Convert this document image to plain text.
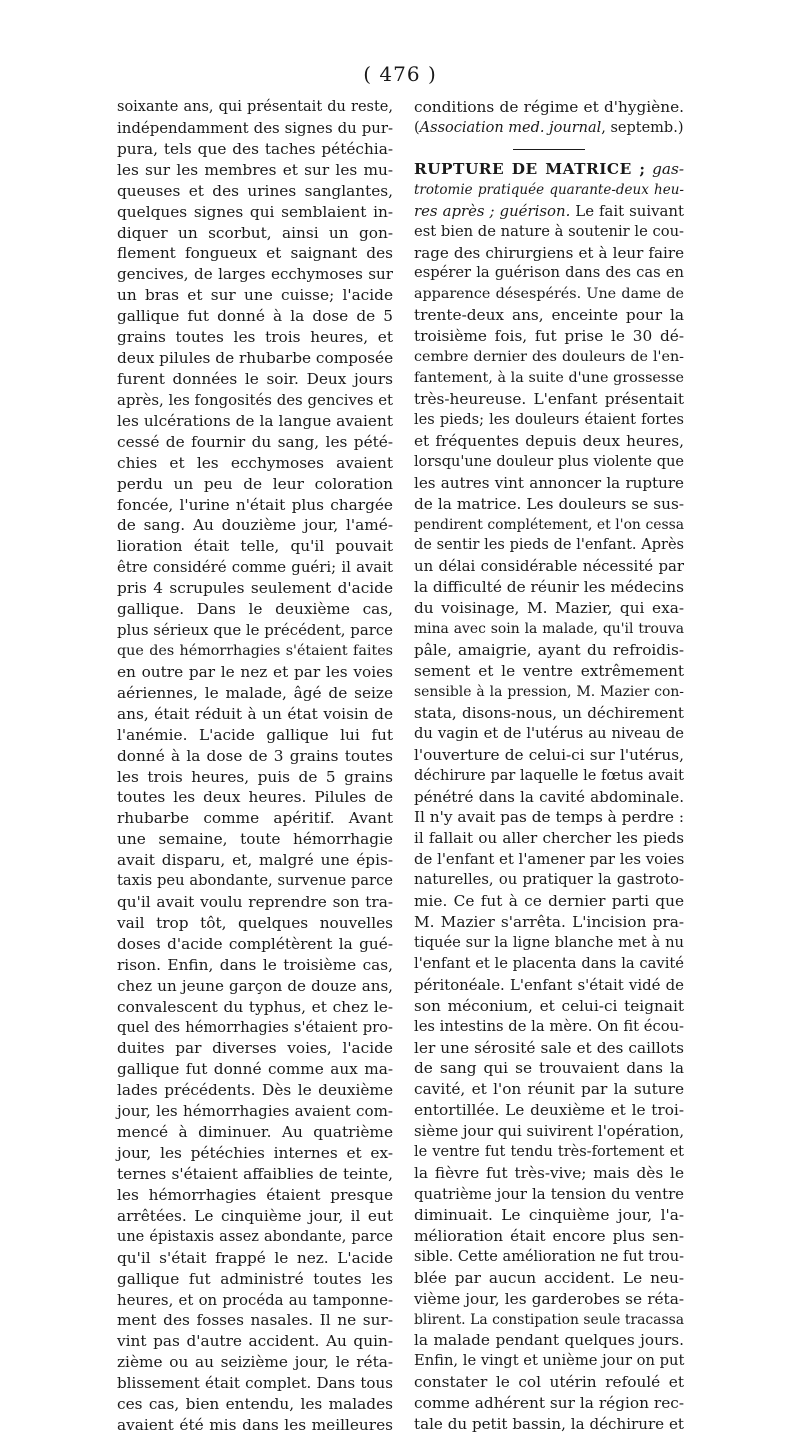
( 476 )
soixante ans, qui présentait du reste,
indépendamment des signes du pur-
pura, tels que des taches pétéchia-
les sur les membres et sur les mu-
queuses et des urines sanglantes,
quelques signes qui semblaient in-
diquer un scorbut, ainsi un gon-
flement fongueux et saignant des
gencives, de larges ecchymoses sur
un bras et sur une cuisse; l'acide
gallique fut donné à la dose de 5
grains toutes les trois heures, et
deux pilules de rhubarbe composée
furent données le soir. Deux jours
après, les fongosités des gencives et
les ulcérations de la langue avaient
cessé de fournir du sang, les pété-
chies et les ecchymoses avaient
perdu un peu de leur coloration
foncée, l'urine n'était plus chargée
de sang. Au douzième jour, l'amé-
lioration était telle, qu'il pouvait
être considéré comme guéri; il avait
pris 4 scrupules seulement d'acide
gallique. Dans le deuxième cas,
plus sérieux que le précédent, parce
que des hémorrhagies s'étaient faites
en outre par le nez et par les voies
aériennes, le malade, âgé de seize
ans, était réduit à un état voisin de
l'anémie. L'acide gallique lui fut
donné à la dose de 3 grains toutes
les trois heures, puis de 5 grains
toutes les deux heures. Pilules de
rhubarbe comme apéritif. Avant
une semaine, toute hémorrhagie
avait disparu, et, malgré une épis-
taxis peu abondante, survenue parce
qu'il avait voulu reprendre son tra-
vail trop tôt, quelques nouvelles
doses d'acide complétèrent la gué-
rison. Enfin, dans le troisième cas,
chez un jeune garçon de douze ans,
convalescent du typhus, et chez le-
quel des hémorrhagies s'étaient pro-
duites par diverses voies, l'acide
gallique fut donné comme aux ma-
lades précédents. Dès le deuxième
jour, les hémorrhagies avaient com-
mencé à diminuer. Au quatrième
jour, les pétéchies internes et ex-
ternes s'étaient affaiblies de teinte,
les hémorrhagies étaient presque
arrêtées. Le cinquième jour, il eut
une épistaxis assez abondante, parce
qu'il s'était frappé le nez. L'acide
gallique fut administré toutes les
heures, et on procéda au tamponne-
ment des fosses nasales. Il ne sur-
vint pas d'autre accident. Au quin-
zième ou au seizième jour, le réta-
blissement était complet. Dans tous
ces cas, bien entendu, les malades
avaient été mis dans les meilleures
conditions de régime et d'hygiène.
(Association med. journal, septemb.)
RUPTURE DE MATRICE ; gas-
trotomie pratiquée quarante-deux heu-
res après ; guérison. Le fait suivant
est bien de nature à soutenir le cou-
rage des chirurgiens et à leur faire
espérer la guérison dans des cas en
apparence désespérés. Une dame de
trente-deux ans, enceinte pour la
troisième fois, fut prise le 30 dé-
cembre dernier des douleurs de l'en-
fantement, à la suite d'une grossesse
très-heureuse. L'enfant présentait
les pieds; les douleurs étaient fortes
et fréquentes depuis deux heures,
lorsqu'une douleur plus violente que
les autres vint annoncer la rupture
de la matrice. Les douleurs se sus-
pendirent complétement, et l'on cessa
de sentir les pieds de l'enfant. Après
un délai considérable nécessité par
la difficulté de réunir les médecins
du voisinage, M. Mazier, qui exa-
mina avec soin la malade, qu'il trouva
pâle, amaigrie, ayant du refroidis-
sement et le ventre extrêmement
sensible à la pression, M. Mazier con-
stata, disons-nous, un déchirement
du vagin et de l'utérus au niveau de
l'ouverture de celui-ci sur l'utérus,
déchirure par laquelle le fœtus avait
pénétré dans la cavité abdominale.
Il n'y avait pas de temps à perdre :
il fallait ou aller chercher les pieds
de l'enfant et l'amener par les voies
naturelles, ou pratiquer la gastroto-
mie. Ce fut à ce dernier parti que
M. Mazier s'arrêta. L'incision pra-
tiquée sur la ligne blanche met à nu
l'enfant et le placenta dans la cavité
péritonéale. L'enfant s'était vidé de
son méconium, et celui-ci teignait
les intestins de la mère. On fit écou-
ler une sérosité sale et des caillots
de sang qui se trouvaient dans la
cavité, et l'on réunit par la suture
entortillée. Le deuxième et le troi-
sième jour qui suivirent l'opération,
le ventre fut tendu très-fortement et
la fièvre fut très-vive; mais dès le
quatrième jour la tension du ventre
diminuait. Le cinquième jour, l'a-
mélioration était encore plus sen-
sible. Cette amélioration ne fut trou-
blée par aucun accident. Le neu-
vième jour, les garderobes se réta-
blirent. La constipation seule tracassa
la malade pendant quelques jours.
Enfin, le vingt et unième jour on put
constater le col utérin refoulé et
comme adhérent sur la région rec-
tale du petit bassin, la déchirure et
